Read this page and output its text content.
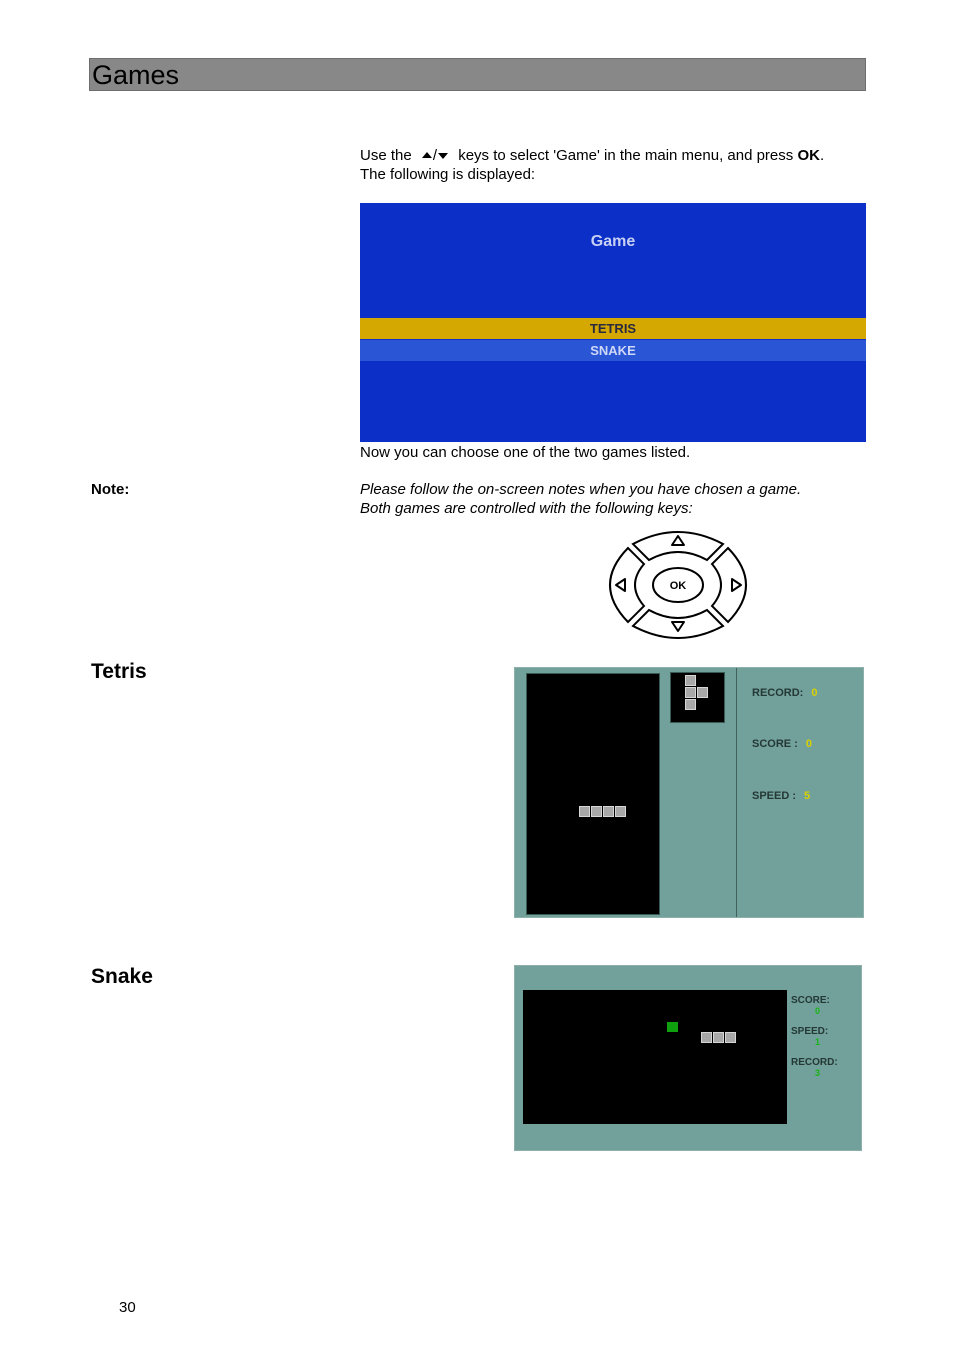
Games
Use the / keys to select 'Game' in the main menu, and press OK.
The following is displayed:
Game
TETRIS
SNAKE
Now you can choose one of the two games listed.
Note:	Please follow the on-screen notes when you have chosen a game.
Both games are controlled with the following keys:
OK
Tetris
RECORD: 0
SCORE : 0
SPEED : 5
Snake
SCORE:
0
SPEED:
1
RECORD:
3
30
